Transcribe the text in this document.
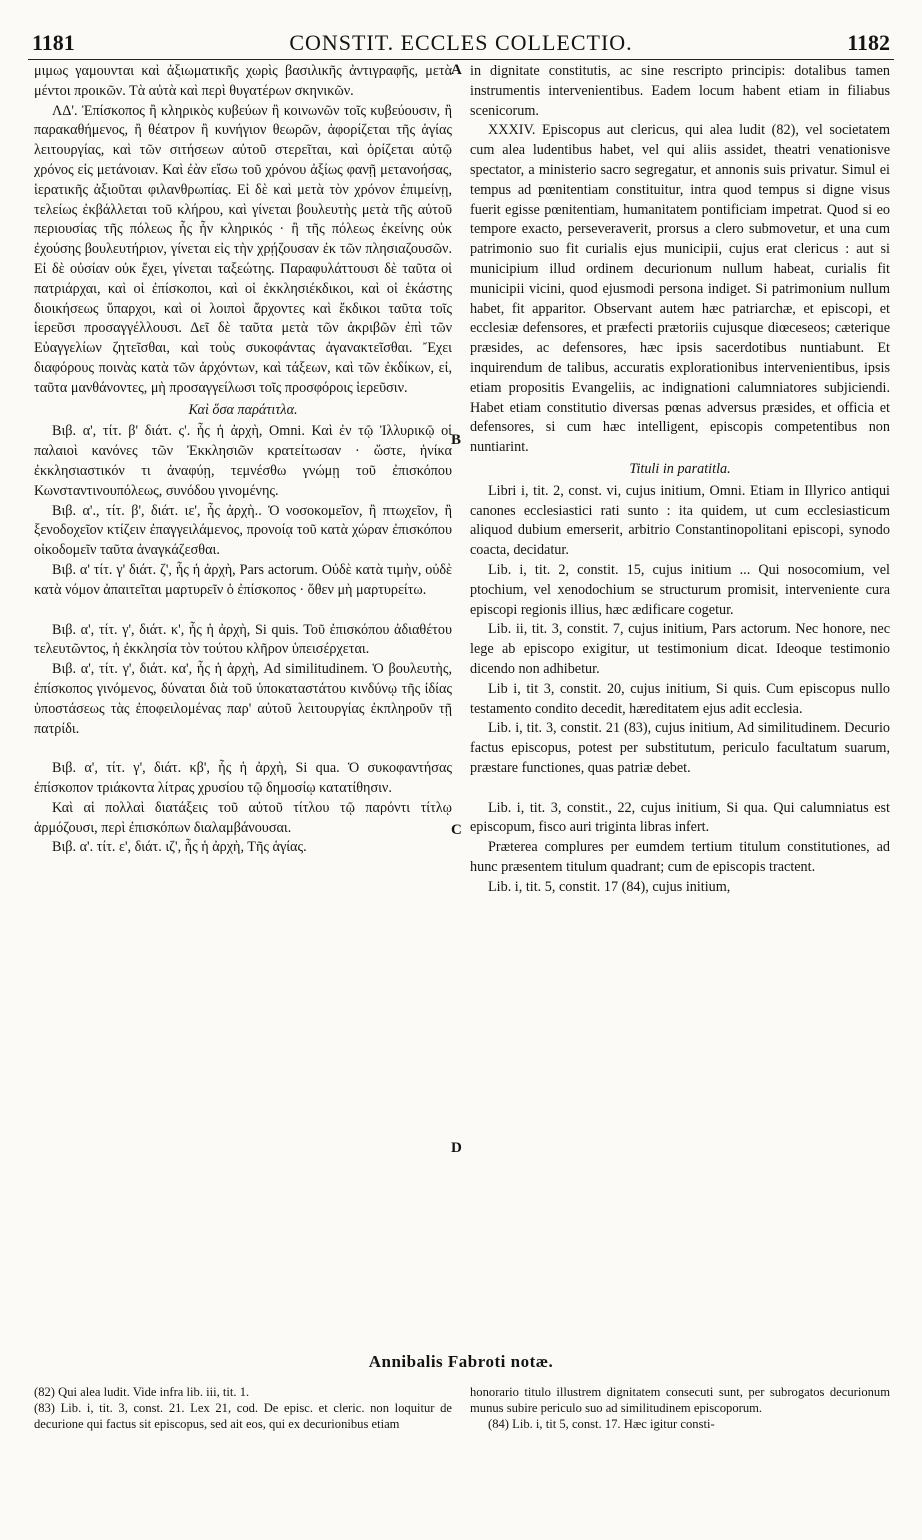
1181	CONSTIT. ECCLES COLLECTIO.	1182
A
B
C
D

μιμως γαμουνται καὶ ἀξιωματικῆς χωρὶς βασιλικῆς ἀντιγραφῆς, μετὰ μέντοι προικῶν. Τὰ αὐτὰ καὶ περὶ θυγατέρων σκηνικῶν.

ΛΔ'. Ἐπίσκοπος ἢ κληρικὸς κυβεύων ἢ κοινωνῶν τοῖς κυβεύουσιν, ἢ παρακαθήμενος, ἢ θέατρον ἢ κυνήγιον θεωρῶν, ἀφορίζεται τῆς ἁγίας λειτουργίας, καὶ τῶν σιτήσεων αὐτοῦ στερεῖται, καὶ ὁρίζεται αὐτῷ χρόνος εἰς μετάνοιαν. Καὶ ἐὰν εἴσω τοῦ χρόνου ἀξίως φανῇ μετανοήσας, ἱερατικῆς ἀξιοῦται φιλανθρωπίας. Εἰ δὲ καὶ μετὰ τὸν χρόνον ἐπιμείνῃ, τελείως ἐκβάλλεται τοῦ κλήρου, καὶ γίνεται βουλευτὴς μετὰ τῆς αὐτοῦ περιουσίας τῆς πόλεως ἧς ἦν κληρικός · ἢ τῆς πόλεως ἐκείνης οὐκ ἐχούσης βουλευτήριον, γίνεται εἰς τὴν χρῄζουσαν ἐκ τῶν πλησιαζουσῶν. Εἰ δὲ οὐσίαν οὐκ ἔχει, γίνεται ταξεώτης. Παραφυλάττουσι δὲ ταῦτα οἱ πατριάρχαι, καὶ οἱ ἐπίσκοποι, καὶ οἱ ἐκκλησιέκδικοι, καὶ οἱ ἑκάστης διοικήσεως ὕπαρχοι, καὶ οἱ λοιποὶ ἄρχοντες καὶ ἔκδικοι ταῦτα τοῖς ἱερεῦσι προσαγγέλλουσι. Δεῖ δὲ ταῦτα μετὰ τῶν ἀκριβῶν ἐπὶ τῶν Εὐαγγελίων ζητεῖσθαι, καὶ τοὺς συκοφάντας ἀγανακτεῖσθαι. Ἔχει διαφόρους ποινὰς κατὰ τῶν ἀρχόντων, καὶ τάξεων, καὶ τῶν ἐκδίκων, εἰ, ταῦτα μανθάνοντες, μὴ προσαγγείλωσι τοῖς προσφόροις ἱερεῦσιν.

Καὶ ὅσα παράτιτλα.

Βιβ. α', τίτ. β' διάτ. ς'. ἧς ἡ ἀρχὴ, Omni. Καὶ ἐν τῷ Ἰλλυρικῷ οἱ παλαιοὶ κανόνες τῶν Ἐκκλησιῶν κρατείτωσαν · ὥστε, ἡνίκα ἐκκλησιαστικόν τι ἀναφύῃ, τεμνέσθω γνώμῃ τοῦ ἐπισκόπου Κωνσταντινουπόλεως, συνόδου γινομένης.

Βιβ. α'., τίτ. β', διάτ. ιε', ἧς ἀρχὴ.. Ὁ νοσοκομεῖον, ἢ πτωχεῖον, ἢ ξενοδοχεῖον κτίζειν ἐπαγγειλάμενος, προνοίᾳ τοῦ κατὰ χώραν ἐπισκόπου οἰκοδομεῖν ταῦτα ἀναγκάζεσθαι.

Βιβ. α' τίτ. γ' διάτ. ζ', ἧς ἡ ἀρχὴ, Pars actorum. Οὐδὲ κατὰ τιμὴν, οὐδὲ κατὰ νόμον ἀπαιτεῖται μαρτυρεῖν ὁ ἐπίσκοπος · ὅθεν μὴ μαρτυρείτω.

Βιβ. α', τίτ. γ', διάτ. κ', ἧς ἡ ἀρχὴ, Si quis. Τοῦ ἐπισκόπου ἀδιαθέτου τελευτῶντος, ἡ ἐκκλησία τὸν τούτου κλῆρον ὑπεισέρχεται.

Βιβ. α', τίτ. γ', διάτ. κα', ἧς ἡ ἀρχὴ, Ad similitudinem. Ὁ βουλευτὴς, ἐπίσκοπος γινόμενος, δύναται διὰ τοῦ ὑποκαταστάτου κινδύνῳ τῆς ἰδίας ὑποστάσεως τὰς ἐποφειλομένας παρ' αὐτοῦ λειτουργίας ἐκπληροῦν τῇ πατρίδι.

Βιβ. α', τίτ. γ', διάτ. κβ', ἧς ἡ ἀρχὴ, Si qua. Ὁ συκοφαντήσας ἐπίσκοπον τριάκοντα λίτρας χρυσίου τῷ δημοσίῳ κατατίθησιν.

Καὶ αἱ πολλαὶ διατάξεις τοῦ αὐτοῦ τίτλου τῷ παρόντι τίτλῳ ἁρμόζουσι, περὶ ἐπισκόπων διαλαμβάνουσαι.

Βιβ. α'. τίτ. ε', διάτ. ιζ', ἧς ἡ ἀρχὴ, Τῆς ἁγίας.

in dignitate constitutis, ac sine rescripto principis: dotalibus tamen instrumentis intervenientibus. Eadem locum habent etiam in filiabus scenicorum.

XXXIV. Episcopus aut clericus, qui alea ludit (82), vel societatem cum alea ludentibus habet, vel qui aliis assidet, theatri venationisve spectator, a ministerio sacro segregatur, et annonis suis privatur. Simul ei tempus ad pœnitentiam constituitur, intra quod tempus si digne visus fuerit egisse pœnitentiam, humanitatem pontificiam impetrat. Quod si eo tempore exacto, perseveraverit, prorsus a clero submovetur, et una cum patrimonio suo fit curialis ejus municipii, cujus erat clericus : aut si municipium illud ordinem decurionum nullum habeat, curialis fit municipii vicini, quod ejusmodi persona indiget. Si patrimonium nullum habet, fit apparitor. Observant autem hæc patriarchæ, et episcopi, et ecclesiæ defensores, et præfecti prætoriis cujusque diœceseos; cæterique præsides, ac defensores, hæc ipsis sacerdotibus nuntiabunt. Et inquirendum de talibus, accuratis explorationibus intervenientibus, ipsis etiam propositis Evangeliis, ac indignationi calumniatores subjiciendi. Habet etiam constitutio diversas pœnas adversus præsides, et officia et defensores, si cum hæc intelligent, episcopis competentibus non nuntiarint.

Tituli in paratitla.

Libri i, tit. 2, const. vi, cujus initium, Omni. Etiam in Illyrico antiqui canones ecclesiastici rati sunto : ita quidem, ut cum ecclesiasticum aliquod dubium emerserit, arbitrio Constantinopolitani episcopi, synodo coacta, decidatur.

Lib. i, tit. 2, constit. 15, cujus initium ... Qui nosocomium, vel ptochium, vel xenodochium se structurum promisit, interveniente cura episcopi regionis illius, hæc ædificare cogetur.

Lib. ii, tit. 3, constit. 7, cujus initium, Pars actorum. Nec honore, nec lege ab episcopo exigitur, ut testimonium dicat. Ideoque testimonio dicendo non adhibetur.

Lib i, tit 3, constit. 20, cujus initium, Si quis. Cum episcopus nullo testamento condito decedit, hæreditatem ejus adit ecclesia.

Lib. i, tit. 3, constit. 21 (83), cujus initium, Ad similitudinem. Decurio factus episcopus, potest per substitutum, periculo facultatum suarum, præstare functiones, quas patriæ debet.

Lib. i, tit. 3, constit., 22, cujus initium, Si qua. Qui calumniatus est episcopum, fisco auri triginta libras infert.

Præterea complures per eumdem tertium titulum constitutiones, ad hunc præsentem titulum quadrant; cum de episcopis tractent.

Lib. i, tit. 5, constit. 17 (84), cujus initium,

Annibalis Fabroti notæ.

(82) Qui alea ludit. Vide infra lib. iii, tit. 1.

(83) Lib. i, tit. 3, const. 21. Lex 21, cod. De episc. et cleric. non loquitur de decurione qui factus sit episcopus, sed ait eos, qui ex decurionibus etiam

honorario titulo illustrem dignitatem consecuti sunt, per subrogatos decurionum munus subire periculo suo ad similitudinem episcoporum.

(84) Lib. i, tit 5, const. 17. Hæc igitur consti-
